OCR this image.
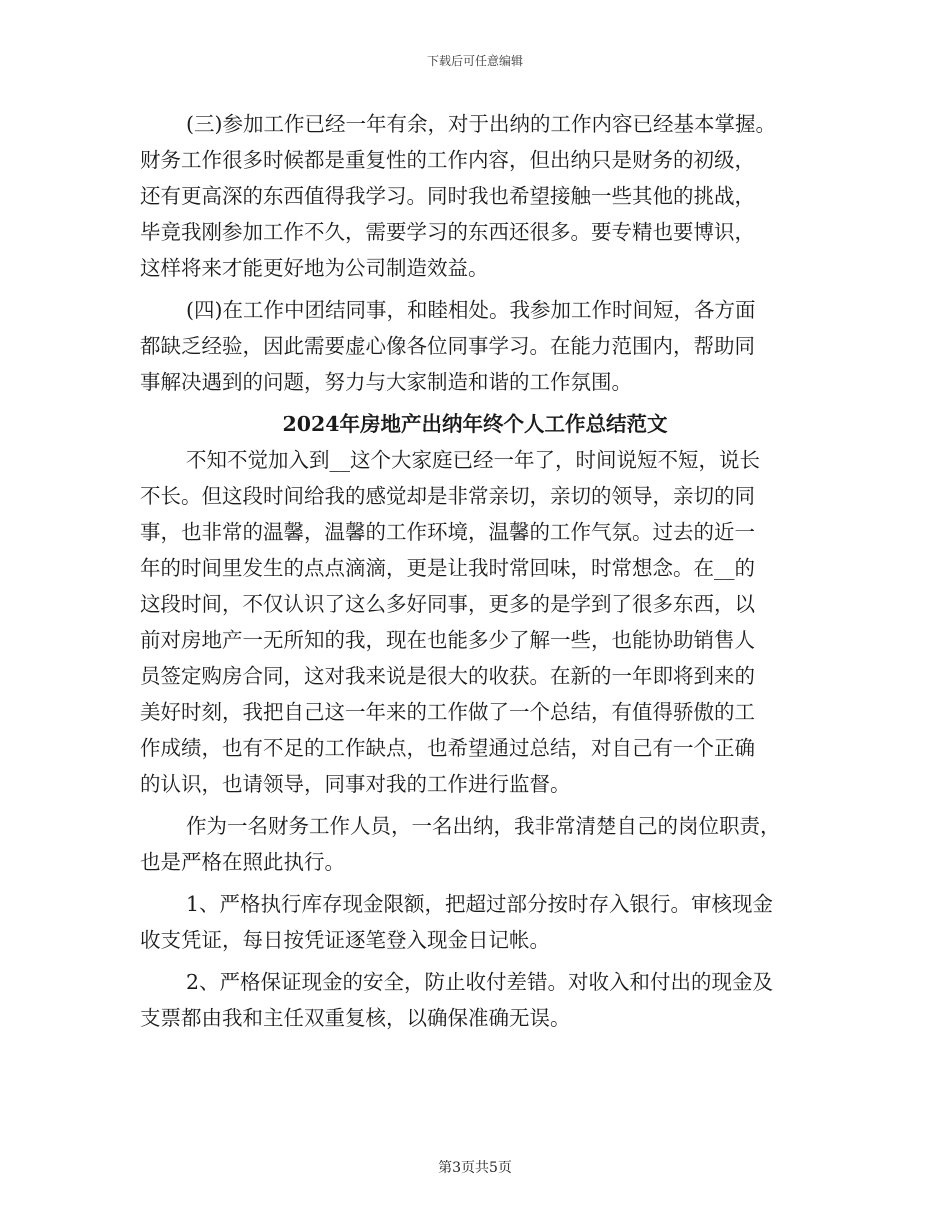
下载后可任意编辑
(三)参加工作已经一年有余，对于出纳的工作内容已经基本掌握。
财务工作很多时候都是重复性的工作内容，但出纳只是财务的初级，
还有更高深的东西值得我学习。同时我也希望接触一些其他的挑战，
毕竟我刚参加工作不久，需要学习的东西还很多。要专精也要博识，
这样将来才能更好地为公司制造效益。
(四)在工作中团结同事，和睦相处。我参加工作时间短，各方面
都缺乏经验，因此需要虚心像各位同事学习。在能力范围内，帮助同
事解决遇到的问题，努力与大家制造和谐的工作氛围。
2024年房地产出纳年终个人工作总结范文
不知不觉加入到__这个大家庭已经一年了，时间说短不短，说长
不长。但这段时间给我的感觉却是非常亲切，亲切的领导，亲切的同
事，也非常的温馨，温馨的工作环境，温馨的工作气氛。过去的近一
年的时间里发生的点点滴滴，更是让我时常回味，时常想念。在__的
这段时间，不仅认识了这么多好同事，更多的是学到了很多东西，以
前对房地产一无所知的我，现在也能多少了解一些，也能协助销售人
员签定购房合同，这对我来说是很大的收获。在新的一年即将到来的
美好时刻，我把自己这一年来的工作做了一个总结，有值得骄傲的工
作成绩，也有不足的工作缺点，也希望通过总结，对自己有一个正确
的认识，也请领导，同事对我的工作进行监督。
作为一名财务工作人员，一名出纳，我非常清楚自己的岗位职责，
也是严格在照此执行。
1、严格执行库存现金限额，把超过部分按时存入银行。审核现金
收支凭证，每日按凭证逐笔登入现金日记帐。
2、严格保证现金的安全，防止收付差错。对收入和付出的现金及
支票都由我和主任双重复核，以确保准确无误。
第3页共5页
